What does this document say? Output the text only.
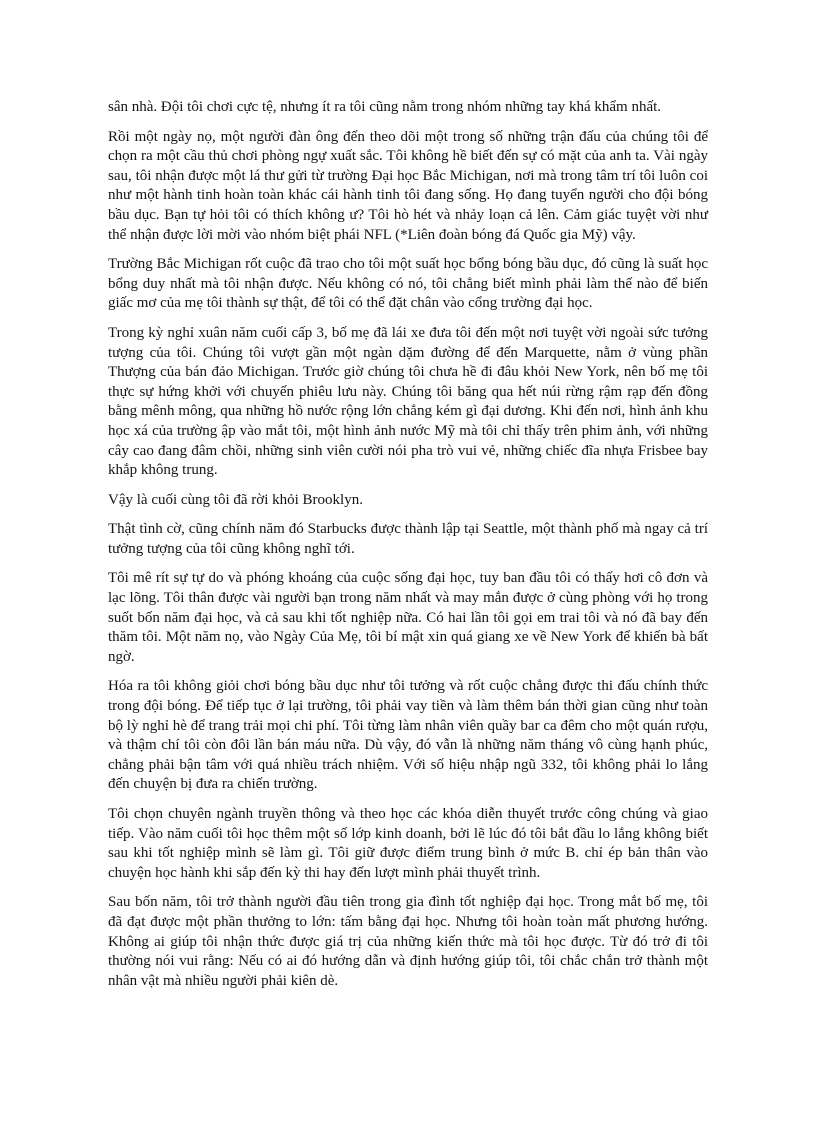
sân nhà. Đội tôi chơi cực tệ, nhưng ít ra tôi cũng nằm trong nhóm những tay khá khẩm nhất.

Rồi một ngày nọ, một người đàn ông đến theo dõi một trong số những trận đấu của chúng tôi để chọn ra một cầu thủ chơi phòng ngự xuất sắc. Tôi không hề biết đến sự có mặt của anh ta. Vài ngày sau, tôi nhận được một lá thư gửi từ trường Đại học Bắc Michigan, nơi mà trong tâm trí tôi luôn coi như một hành tinh hoàn toàn khác cái hành tinh tôi đang sống. Họ đang tuyển người cho đội bóng bầu dục. Bạn tự hỏi tôi có thích không ư? Tôi hò hét và nhảy loạn cả lên. Cảm giác tuyệt vời như thể nhận được lời mời vào nhóm biệt phái NFL (*Liên đoàn bóng đá Quốc gia Mỹ) vậy.

Trường Bắc Michigan rốt cuộc đã trao cho tôi một suất học bổng bóng bầu dục, đó cũng là suất học bổng duy nhất mà tôi nhận được. Nếu không có nó, tôi chẳng biết mình phải làm thế nào để biến giấc mơ của mẹ tôi thành sự thật, để tôi có thể đặt chân vào cổng trường đại học.

Trong kỳ nghỉ xuân năm cuối cấp 3, bố mẹ đã lái xe đưa tôi đến một nơi tuyệt vời ngoài sức tưởng tượng của tôi. Chúng tôi vượt gần một ngàn dặm đường để đến Marquette, nằm ở vùng phần Thượng của bán đảo Michigan. Trước giờ chúng tôi chưa hề đi đâu khỏi New York, nên bố mẹ tôi thực sự hứng khởi với chuyến phiêu lưu này. Chúng tôi băng qua hết núi rừng rậm rạp đến đồng bằng mênh mông, qua những hồ nước rộng lớn chẳng kém gì đại dương. Khi đến nơi, hình ảnh khu học xá của trường ập vào mắt tôi, một hình ảnh nước Mỹ mà tôi chỉ thấy trên phim ảnh, với những cây cao đang đâm chồi, những sinh viên cười nói pha trò vui vẻ, những chiếc đĩa nhựa Frisbee bay khắp không trung.

Vậy là cuối cùng tôi đã rời khỏi Brooklyn.

Thật tình cờ, cũng chính năm đó Starbucks được thành lập tại Seattle, một thành phố mà ngay cả trí tưởng tượng của tôi cũng không nghĩ tới.

Tôi mê rít sự tự do và phóng khoáng của cuộc sống đại học, tuy ban đầu tôi có thấy hơi cô đơn và lạc lõng. Tôi thân được vài người bạn trong năm nhất và may mắn được ở cùng phòng với họ trong suốt bốn năm đại học, và cả sau khi tốt nghiệp nữa. Có hai lần tôi gọi em trai tôi và nó đã bay đến thăm tôi. Một năm nọ, vào Ngày Của Mẹ, tôi bí mật xin quá giang xe về New York để khiến bà bất ngờ.

Hóa ra tôi không giỏi chơi bóng bầu dục như tôi tưởng và rốt cuộc chẳng được thi đấu chính thức trong đội bóng. Để tiếp tục ở lại trường, tôi phải vay tiền và làm thêm bán thời gian cũng như toàn bộ lỳ nghỉ hè để trang trải mọi chi phí. Tôi từng làm nhân viên quầy bar ca đêm cho một quán rượu, và thậm chí tôi còn đôi lần bán máu nữa. Dù vậy, đó vẫn là những năm tháng vô cùng hạnh phúc, chẳng phải bận tâm với quá nhiều trách nhiệm. Với số hiệu nhập ngũ 332, tôi không phải lo lắng đến chuyện bị đưa ra chiến trường.

Tôi chọn chuyên ngành truyền thông và theo học các khóa diễn thuyết trước công chúng và giao tiếp. Vào năm cuối tôi học thêm một số lớp kinh doanh, bởi lẽ lúc đó tôi bắt đầu lo lắng không biết sau khi tốt nghiệp mình sẽ làm gì. Tôi giữ được điểm trung bình ở mức B. chỉ ép bản thân vào chuyện học hành khi sắp đến kỳ thi hay đến lượt mình phải thuyết trình.

Sau bốn năm, tôi trở thành người đầu tiên trong gia đình tốt nghiệp đại học. Trong mắt bố mẹ, tôi đã đạt được một phần thưởng to lớn: tấm bằng đại học. Nhưng tôi hoàn toàn mất phương hướng. Không ai giúp tôi nhận thức được giá trị của những kiến thức mà tôi học được. Từ đó trở đi tôi thường nói vui rằng: Nếu có ai đó hướng dẫn và định hướng giúp tôi, tôi chắc chắn trở thành một nhân vật mà nhiều người phải kiên dè.
